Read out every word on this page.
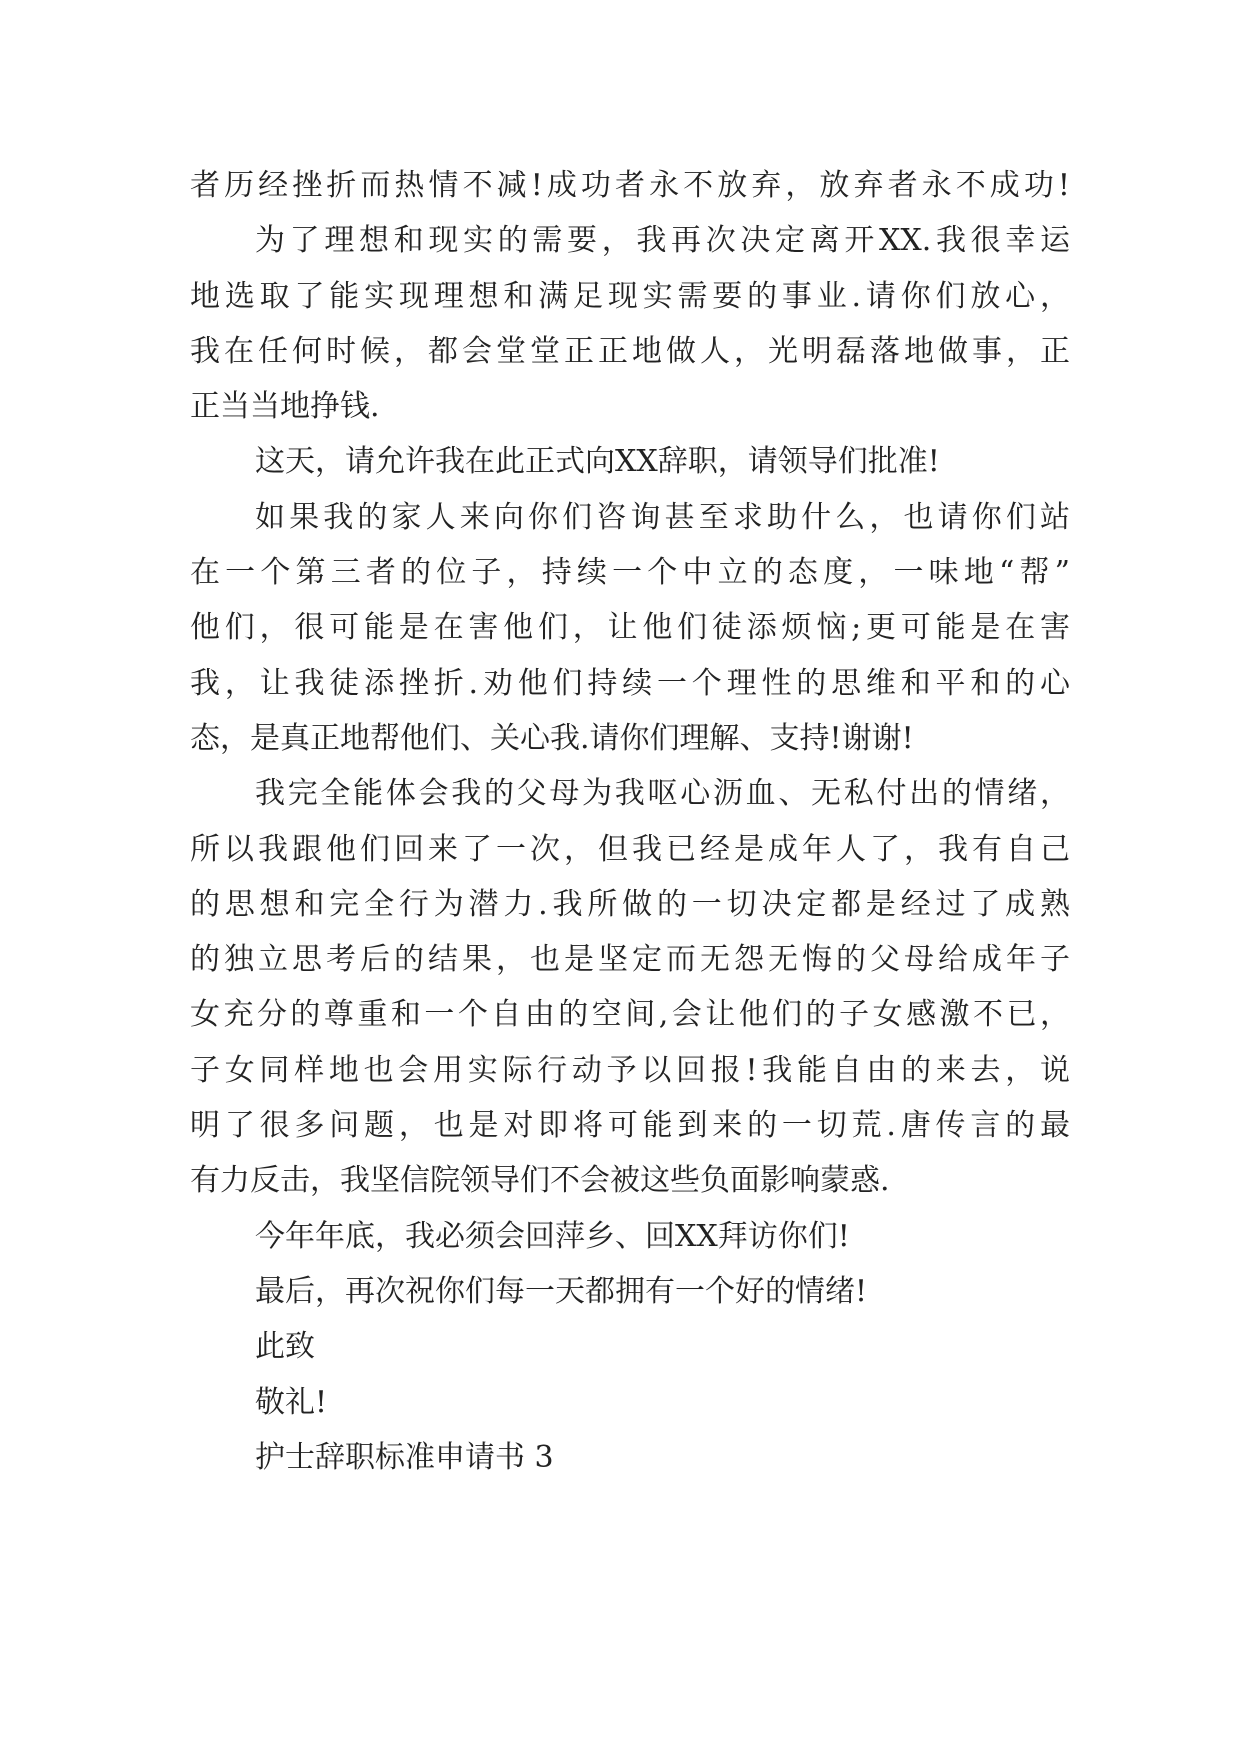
者历经挫折而热情不减!成功者永不放弃，放弃者永不成功!
为了理想和现实的需要，我再次决定离开XX.我很幸运
地选取了能实现理想和满足现实需要的事业.请你们放心，
我在任何时候，都会堂堂正正地做人，光明磊落地做事，正
正当当地挣钱.
这天，请允许我在此正式向XX辞职，请领导们批准!
如果我的家人来向你们咨询甚至求助什么，也请你们站
在一个第三者的位子，持续一个中立的态度，一味地“帮”
他们，很可能是在害他们，让他们徒添烦恼;更可能是在害
我，让我徒添挫折.劝他们持续一个理性的思维和平和的心
态，是真正地帮他们、关心我.请你们理解、支持!谢谢!
我完全能体会我的父母为我呕心沥血、无私付出的情绪，
所以我跟他们回来了一次，但我已经是成年人了，我有自己
的思想和完全行为潜力.我所做的一切决定都是经过了成熟
的独立思考后的结果，也是坚定而无怨无悔的父母给成年子
女充分的尊重和一个自由的空间,会让他们的子女感激不已，
子女同样地也会用实际行动予以回报!我能自由的来去，说
明了很多问题，也是对即将可能到来的一切荒.唐传言的最
有力反击，我坚信院领导们不会被这些负面影响蒙惑.
今年年底，我必须会回萍乡、回XX拜访你们!
最后，再次祝你们每一天都拥有一个好的情绪!
此致
敬礼!
护士辞职标准申请书 3
